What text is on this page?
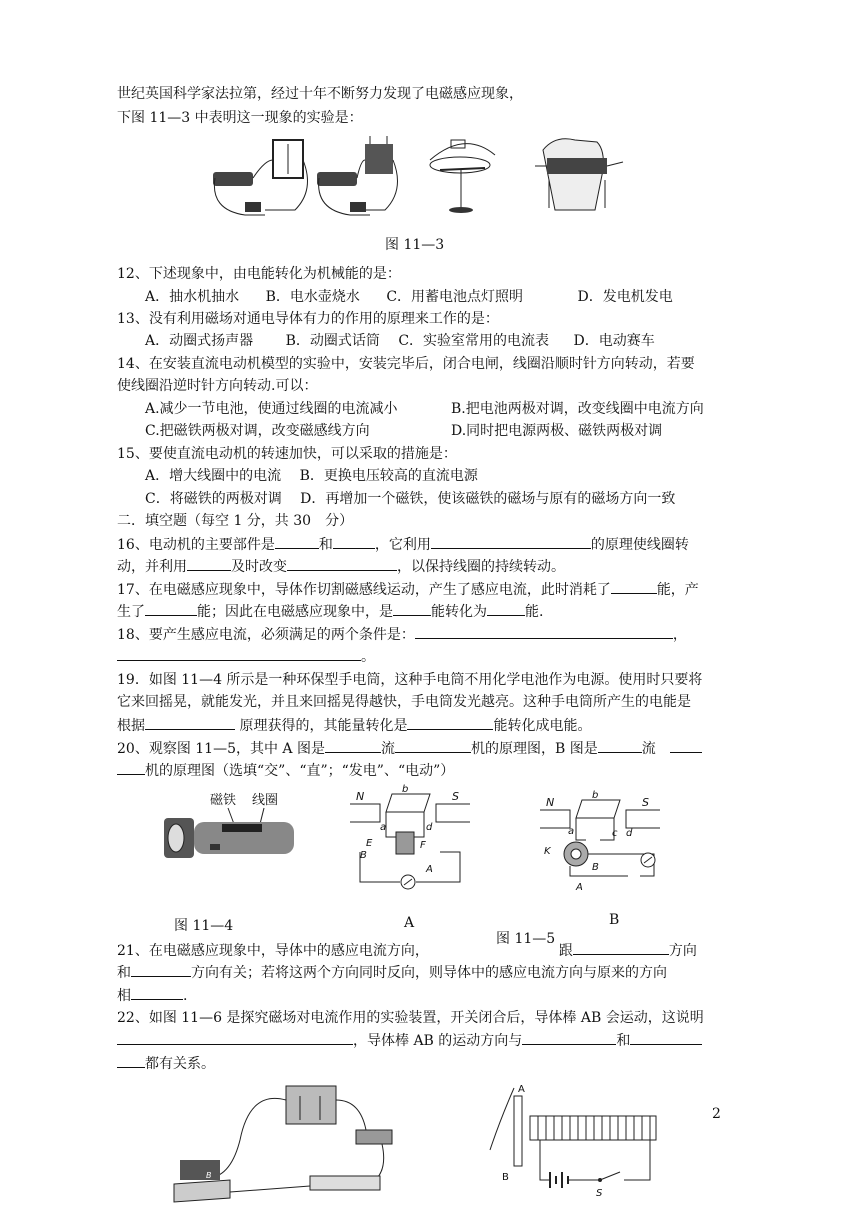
世纪英国科学家法拉第，经过十年不断努力发现了电磁感应现象，
下图 11—3 中表明这一现象的实验是：
图 11—3
12、下述现象中，由电能转化为机械能的是：
A．抽水机抽水 B．电水壶烧水 C．用蓄电池点灯照明	D．发电机发电
13、没有利用磁场对通电导体有力的作用的原理来工作的是：
A．动圈式扬声器 B．动圈式话筒 C．实验室常用的电流表 D．电动赛车
14、在安装直流电动机模型的实验中，安装完毕后，闭合电闸，线圈沿顺时针方向转动，若要
使线圈沿逆时针方向转动.可以：
A.减少一节电池，使通过线圈的电流减小	B.把电池两极对调，改变线圈中电流方向
C.把磁铁两极对调，改变磁感线方向	D.同时把电源两极、磁铁两极对调
15、要使直流电动机的转速加快，可以采取的措施是：
A．增大线圈中的电流 B．更换电压较高的直流电源
C．将磁铁的两极对调 D．再增加一个磁铁，使该磁铁的磁场与原有的磁场方向一致
二．填空题（每空 1 分，共 30　分）
16、电动机的主要部件是	和	，它利用	的原理使线圈转
动，并利用	及时改变	，以保持线圈的持续转动。
17、在电磁感应现象中，导体作切割磁感线运动，产生了感应电流，此时消耗了	能，产
生了	能；因此在电磁感应现象中，是	能转化为	能.
18、要产生感应电流，必须满足的两个条件是：	，
。
19．如图 11—4 所示是一种环保型手电筒，这种手电筒不用化学电池作为电源。使用时只要将
它来回摇晃，就能发光，并且来回摇晃得越快，手电筒发光越亮。这种手电筒所产生的电能是
根据	原理获得的，其能量转化是	能转化成电能。
20、观察图 11—5，其中 A 图是	流	机的原理图，B 图是	流
机的原理图（选填“交”、“直”；“发电”、“电动”）
磁铁 线圈	N	S
b
a	d
E	F
B
A
A
N	S
b
a	c d
K
B
A
B
图 11—4
图 11—5
21、在电磁感应现象中，导体中的感应电流方向，	跟	方向
和	方向有关；若将这两个方向同时反向，则导体中的感应电流方向与原来的方向
相	.
22、如图 11—6 是探究磁场对电流作用的实验装置，开关闭合后，导体棒 AB 会运动，这说明
，导体棒 AB 的运动方向与	和
都有关系。
B
A
B
S
2
